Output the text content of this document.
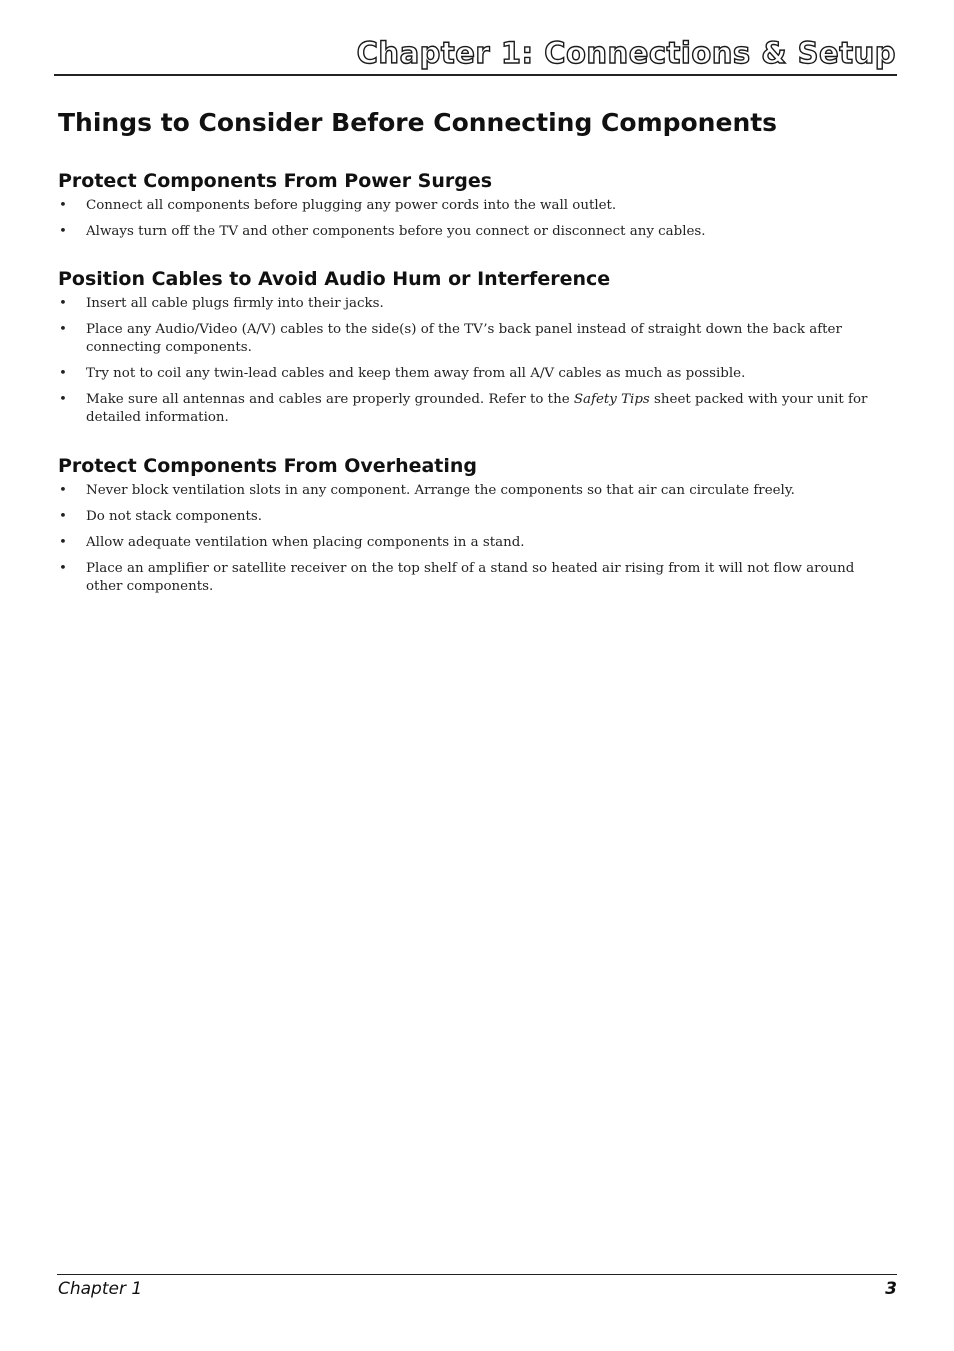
Chapter 1: Connections & Setup
Things to Consider Before Connecting Components
Protect Components From Power Surges
• Connect all components before plugging any power cords into the wall outlet.
• Always turn off the TV and other components before you connect or disconnect any cables.
Position Cables to Avoid Audio Hum or Interference
• Insert all cable plugs firmly into their jacks.
• Place any Audio/Video (A/V) cables to the side(s) of the TV’s back panel instead of straight down the back after connecting components.
• Try not to coil any twin-lead cables and keep them away from all A/V cables as much as possible.
• Make sure all antennas and cables are properly grounded. Refer to the Safety Tips sheet packed with your unit for detailed information.
Protect Components From Overheating
• Never block ventilation slots in any component. Arrange the components so that air can circulate freely.
• Do not stack components.
• Allow adequate ventilation when placing components in a stand.
• Place an amplifier or satellite receiver on the top shelf of a stand so heated air rising from it will not flow around other components.
Chapter 1	3
